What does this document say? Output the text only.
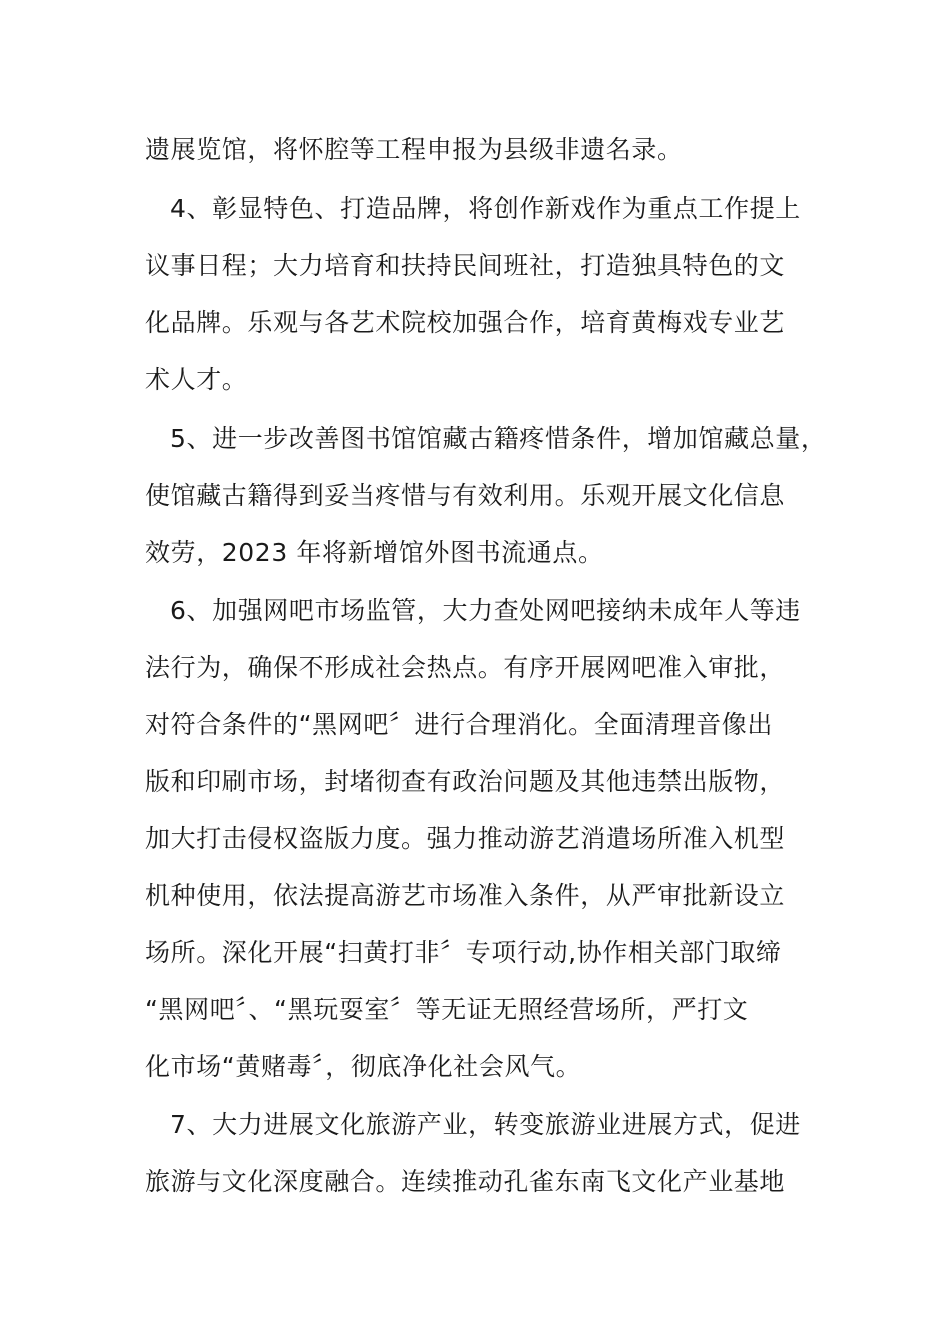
遗展览馆，将怀腔等工程申报为县级非遗名录。
4、彰显特色、打造品牌，将创作新戏作为重点工作提上
议事日程；大力培育和扶持民间班社，打造独具特色的文
化品牌。乐观与各艺术院校加强合作，培育黄梅戏专业艺
术人才。
5、进一步改善图书馆馆藏古籍疼惜条件，增加馆藏总量，
使馆藏古籍得到妥当疼惜与有效利用。乐观开展文化信息
效劳，2023 年将新增馆外图书流通点。
6、加强网吧市场监管，大力查处网吧接纳未成年人等违
法行为，确保不形成社会热点。有序开展网吧准入审批，
对符合条件的“黑网吧〞进行合理消化。全面清理音像出
版和印刷市场，封堵彻查有政治问题及其他违禁出版物，
加大打击侵权盗版力度。强力推动游艺消遣场所准入机型
机种使用，依法提高游艺市场准入条件，从严审批新设立
场所。深化开展“扫黄打非〞专项行动,协作相关部门取缔
“黑网吧〞、“黑玩耍室〞等无证无照经营场所，严打文
化市场“黄赌毒〞，彻底净化社会风气。
7、大力进展文化旅游产业，转变旅游业进展方式，促进
旅游与文化深度融合。连续推动孔雀东南飞文化产业基地
